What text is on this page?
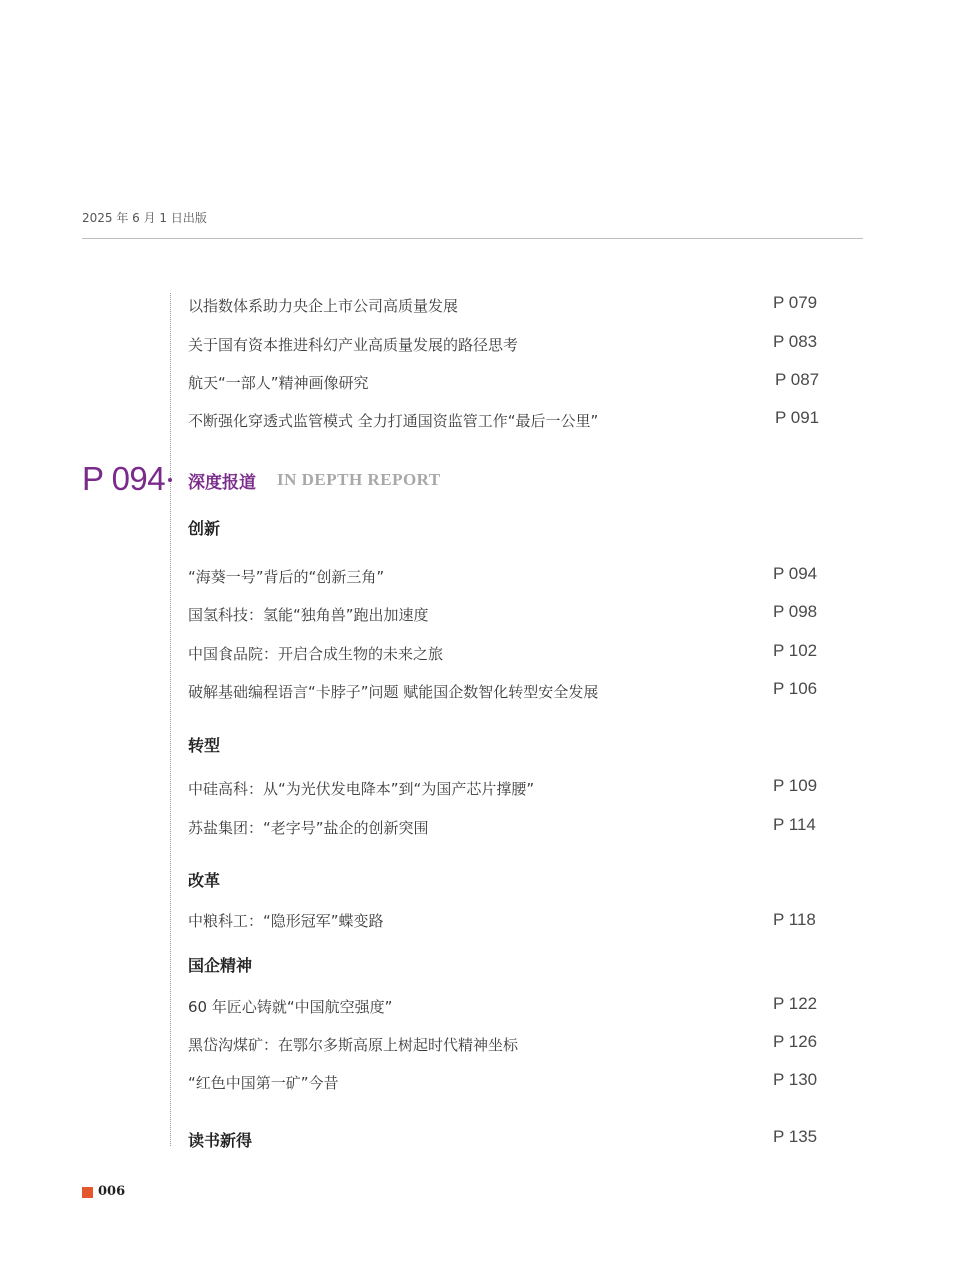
2025 年 6 月 1 日出版
以指数体系助力央企上市公司高质量发展	P 079
关于国有资本推进科幻产业高质量发展的路径思考	P 083
航天“一部人”精神画像研究	P 087
不断强化穿透式监管模式 全力打通国资监管工作“最后一公里”	P 091
P 094 深度报道 IN DEPTH REPORT
创新
“海葵一号”背后的“创新三角”	P 094
国氢科技：氢能“独角兽”跑出加速度	P 098
中国食品院：开启合成生物的未来之旅	P 102
破解基础编程语言“卡脖子”问题 赋能国企数智化转型安全发展	P 106
转型
中硅高科：从“为光伏发电降本”到“为国产芯片撑腰”	P 109
苏盐集团：“老字号”盐企的创新突围	P 114
改革
中粮科工：“隐形冠军”蝶变路	P 118
国企精神
60 年匠心铸就“中国航空强度”	P 122
黑岱沟煤矿：在鄂尔多斯高原上树起时代精神坐标	P 126
“红色中国第一矿”今昔	P 130
读书新得	P 135
006
